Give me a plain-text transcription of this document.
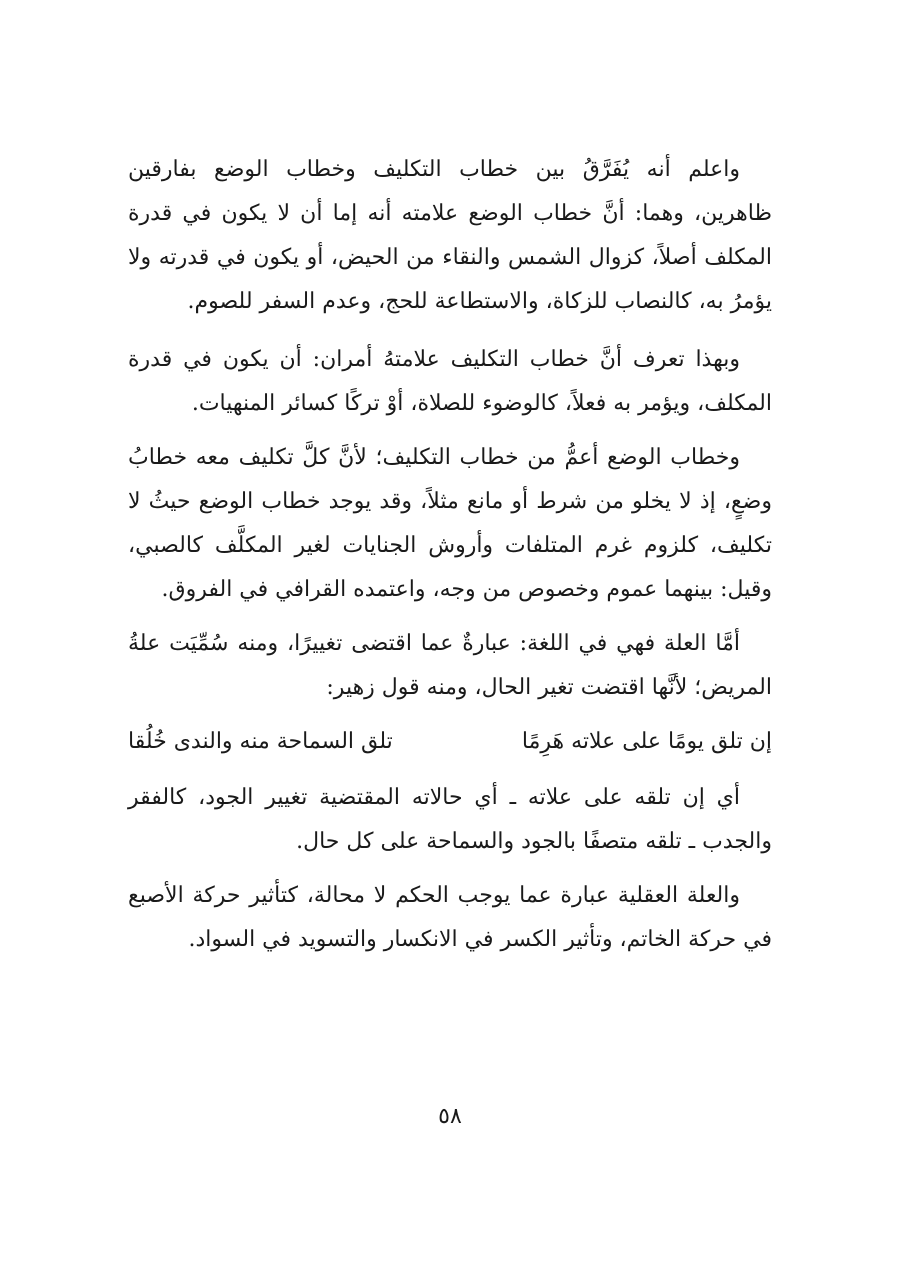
واعلم أنه يُفَرَّقُ بين خطاب التكليف وخطاب الوضع بفارقين ظاهرين، وهما: أنَّ خطاب الوضع علامته أنه إما أن لا يكون في قدرة المكلف أصلاً، كزوال الشمس والنقاء من الحيض، أو يكون في قدرته ولا يؤمرُ به، كالنصاب للزكاة، والاستطاعة للحج، وعدم السفر للصوم.

وبهذا تعرف أنَّ خطاب التكليف علامتهُ أمران: أن يكون في قدرة المكلف، ويؤمر به فعلاً، كالوضوء للصلاة، أوْ تركًا كسائر المنهيات.

وخطاب الوضع أعمُّ من خطاب التكليف؛ لأنَّ كلَّ تكليف معه خطابُ وضعٍ، إذ لا يخلو من شرط أو مانع مثلاً، وقد يوجد خطاب الوضع حيثُ لا تكليف، كلزوم غرم المتلفات وأروش الجنايات لغير المكلَّف كالصبي، وقيل: بينهما عموم وخصوص من وجه، واعتمده القرافي في الفروق.

أمَّا العلة فهي في اللغة: عبارةٌ عما اقتضى تغييرًا، ومنه سُمِّيَت علةُ المريض؛ لأنَّها اقتضت تغير الحال، ومنه قول زهير:

إن تلق يومًا على علاته هَرِمًا
تلق السماحة منه والندى خُلُقا

أي إن تلقه على علاته ـ أي حالاته المقتضية تغيير الجود، كالفقر والجدب ـ تلقه متصفًا بالجود والسماحة على كل حال.

والعلة العقلية عبارة عما يوجب الحكم لا محالة، كتأثير حركة الأصبع في حركة الخاتم، وتأثير الكسر في الانكسار والتسويد في السواد.

٥٨
